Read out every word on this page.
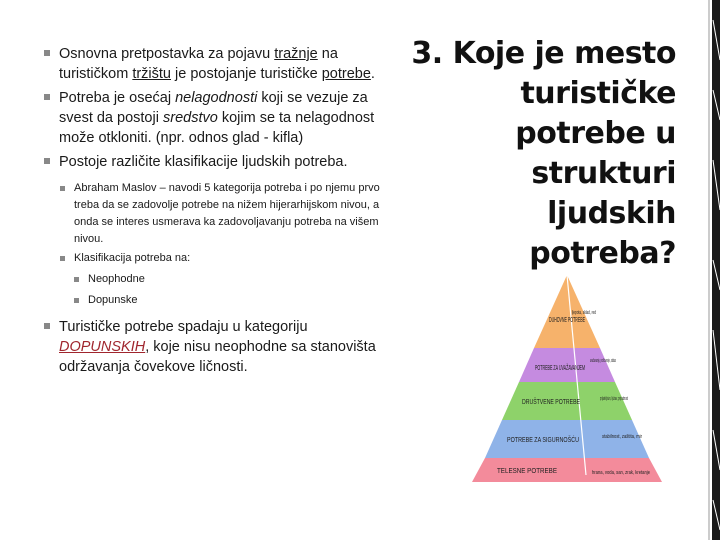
Osnovna pretpostavka za pojavu tražnje na turističkom tržištu je postojanje turističke potrebe.
Potreba je osećaj nelagodnosti koji se vezuje za svest da postoji sredstvo kojim se ta nelagodnost može otkloniti. (npr. odnos glad - kifla)
Postoje različite klasifikacije ljudskih potreba.
Abraham Maslov – navodi 5 kategorija potreba i po njemu prvo treba da se zadovolje potrebe na nižem hijerarhijskom nivou, a onda se interes usmerava ka zadovoljavanju potreba na višem nivou.
Klasifikacija potreba na:
Neophodne
Dopunske
Turističke potrebe spadaju u kategoriju DOPUNSKIH, koje nisu neophodne sa stanovišta održavanja čovekove ličnosti.
3. Koje je mesto turističke potrebe u strukturi ljudskih potreba?
DUHOVNE POTREBE
POTREBE ZA UVAŽAVANJEM
DRUŠTVENE POTREBE
POTREBE ZA SIGURNOŠĆU
TELESNE POTREBE
ljepota, sklad, red
uvažavanje, poštovanje, status
prijateljstvo, ljubav, pripadnost
stabilnost, zaštita, mir
hrana, voda, san, zrak, kretanje
